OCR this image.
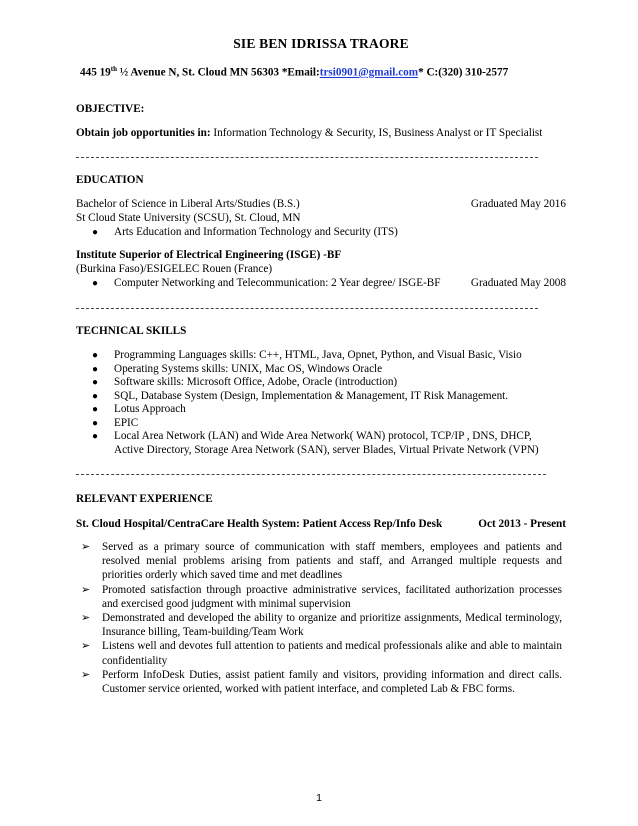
SIE BEN IDRISSA TRAORE
445 19th ½ Avenue N, St. Cloud MN 56303 *Email:trsi0901@gmail.com* C:(320) 310-2577
OBJECTIVE:
Obtain job opportunities in: Information Technology & Security, IS, Business Analyst or IT Specialist
EDUCATION
Bachelor of Science in Liberal Arts/Studies (B.S.)	Graduated May 2016
St Cloud State University (SCSU), St. Cloud, MN
● Arts Education and Information Technology and Security (ITS)
Institute Superior of Electrical Engineering (ISGE) -BF
(Burkina Faso)/ESIGELEC Rouen (France)
● Computer Networking and Telecommunication: 2 Year degree/ ISGE-BF	Graduated May 2008
TECHNICAL SKILLS
● Programming Languages skills: C++, HTML, Java, Opnet, Python, and Visual Basic, Visio
● Operating Systems skills: UNIX, Mac OS, Windows Oracle
● Software skills: Microsoft Office, Adobe, Oracle (introduction)
● SQL, Database System (Design, Implementation & Management, IT Risk Management.
● Lotus Approach
● EPIC
● Local Area Network (LAN) and Wide Area Network( WAN) protocol, TCP/IP , DNS, DHCP,
Active Directory, Storage Area Network (SAN), server Blades, Virtual Private Network (VPN)
RELEVANT EXPERIENCE
St. Cloud Hospital/CentraCare Health System: Patient Access Rep/Info Desk	Oct 2013 - Present
➢ Served as a primary source of communication with staff members, employees and patients and resolved menial problems arising from patients and staff, and Arranged multiple requests and priorities orderly which saved time and met deadlines
➢ Promoted satisfaction through proactive administrative services, facilitated authorization processes and exercised good judgment with minimal supervision
➢ Demonstrated and developed the ability to organize and prioritize assignments, Medical terminology, Insurance billing, Team-building/Team Work
➢ Listens well and devotes full attention to patients and medical professionals alike and able to maintain confidentiality
➢ Perform InfoDesk Duties, assist patient family and visitors, providing information and direct calls. Customer service oriented, worked with patient interface, and completed Lab & FBC forms.
1
